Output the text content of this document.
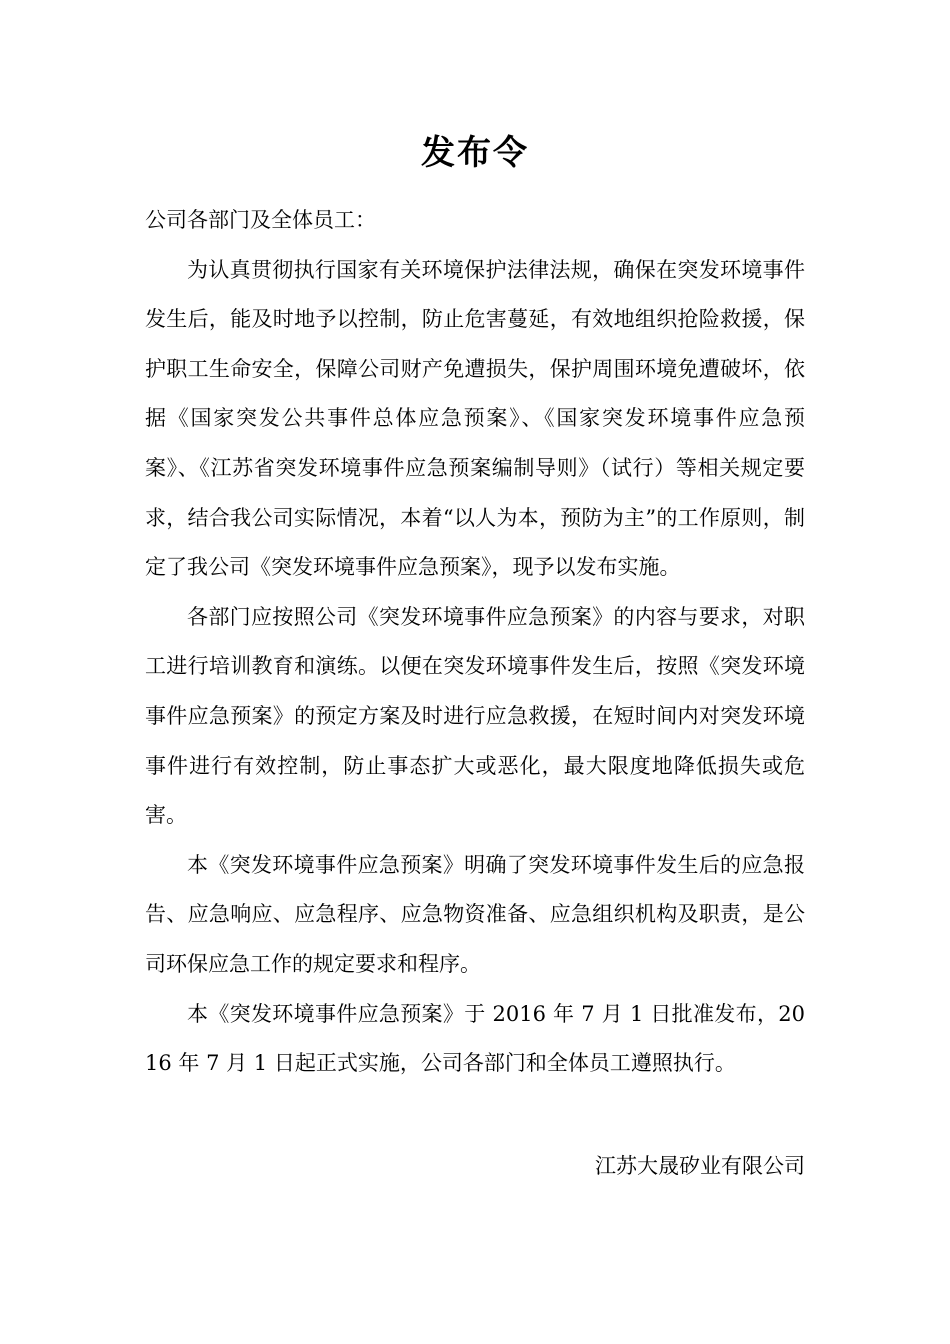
发布令

公司各部门及全体员工：

为认真贯彻执行国家有关环境保护法律法规，确保在突发环境事件发生后，能及时地予以控制，防止危害蔓延，有效地组织抢险救援，保护职工生命安全，保障公司财产免遭损失，保护周围环境免遭破坏，依据《国家突发公共事件总体应急预案》、《国家突发环境事件应急预案》、《江苏省突发环境事件应急预案编制导则》（试行）等相关规定要求，结合我公司实际情况，本着“以人为本，预防为主”的工作原则，制定了我公司《突发环境事件应急预案》，现予以发布实施。

各部门应按照公司《突发环境事件应急预案》的内容与要求，对职工进行培训教育和演练。以便在突发环境事件发生后，按照《突发环境事件应急预案》的预定方案及时进行应急救援，在短时间内对突发环境事件进行有效控制，防止事态扩大或恶化，最大限度地降低损失或危害。

本《突发环境事件应急预案》明确了突发环境事件发生后的应急报告、应急响应、应急程序、应急物资准备、应急组织机构及职责，是公司环保应急工作的规定要求和程序。

本《突发环境事件应急预案》于 2016 年 7 月 1 日批准发布，2016 年 7 月 1 日起正式实施，公司各部门和全体员工遵照执行。

江苏大晟矽业有限公司
